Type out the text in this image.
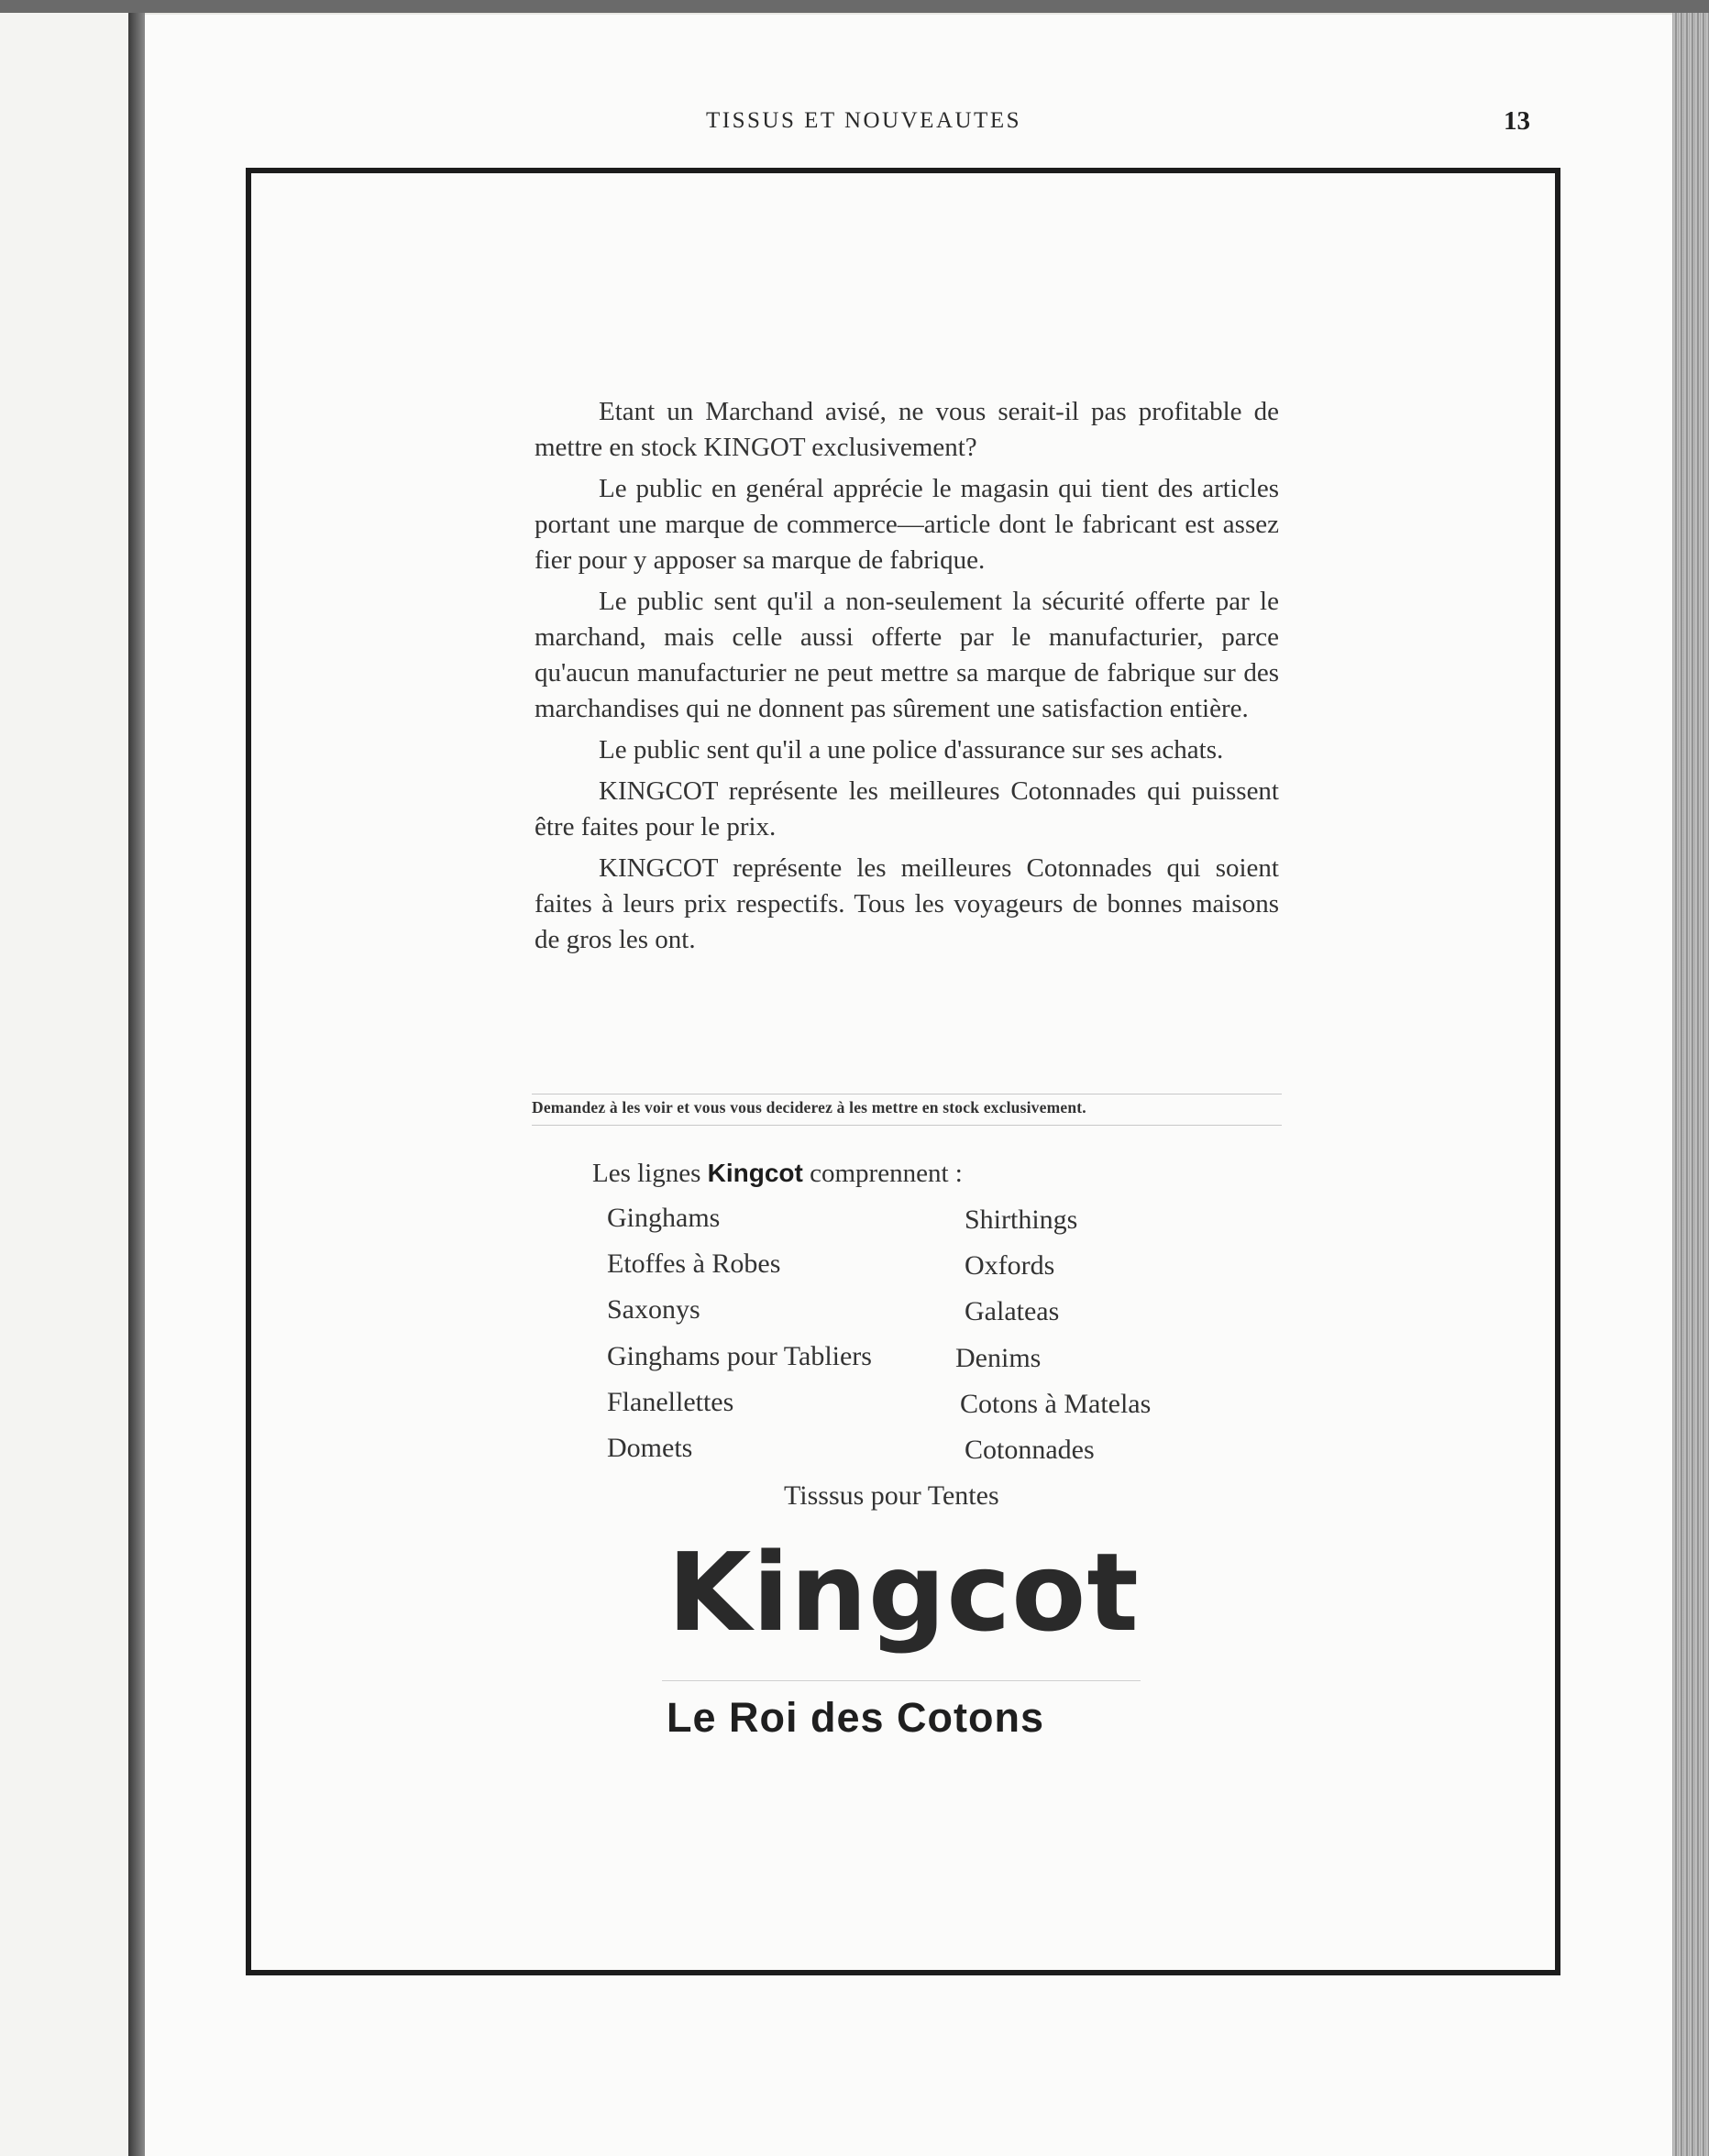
TISSUS ET NOUVEAUTES	13

Etant un Marchand avisé, ne vous serait-il pas profitable de mettre en stock KINGOT exclusivement?

Le public en genéral apprécie le magasin qui tient des articles portant une marque de commerce—article dont le fabricant est assez fier pour y apposer sa marque de fabrique.

Le public sent qu'il a non-seulement la sécurité offerte par le marchand, mais celle aussi offerte par le manufacturier, parce qu'aucun manufacturier ne peut mettre sa marque de fabrique sur des marchandises qui ne donnent pas sûrement une satisfaction entière.

Le public sent qu'il a une police d'assurance sur ses achats.

KINGCOT représente les meilleures Cotonnades qui puissent être faites pour le prix.

KINGCOT représente les meilleures Cotonnades qui soient faites à leurs prix respectifs. Tous les voyageurs de bonnes maisons de gros les ont.

Demandez à les voir et vous vous deciderez à les mettre en stock exclusivement.
Les lignes Kingcot comprennent :
Ginghams
Etoffes à Robes
Saxonys
Ginghams pour Tabliers
Flanellettes
Domets
Shirthings
Oxfords
Galateas
Denims
Cotons à Matelas
Cotonnades
Tisssus pour Tentes
Kingcot
Le Roi des Cotons
